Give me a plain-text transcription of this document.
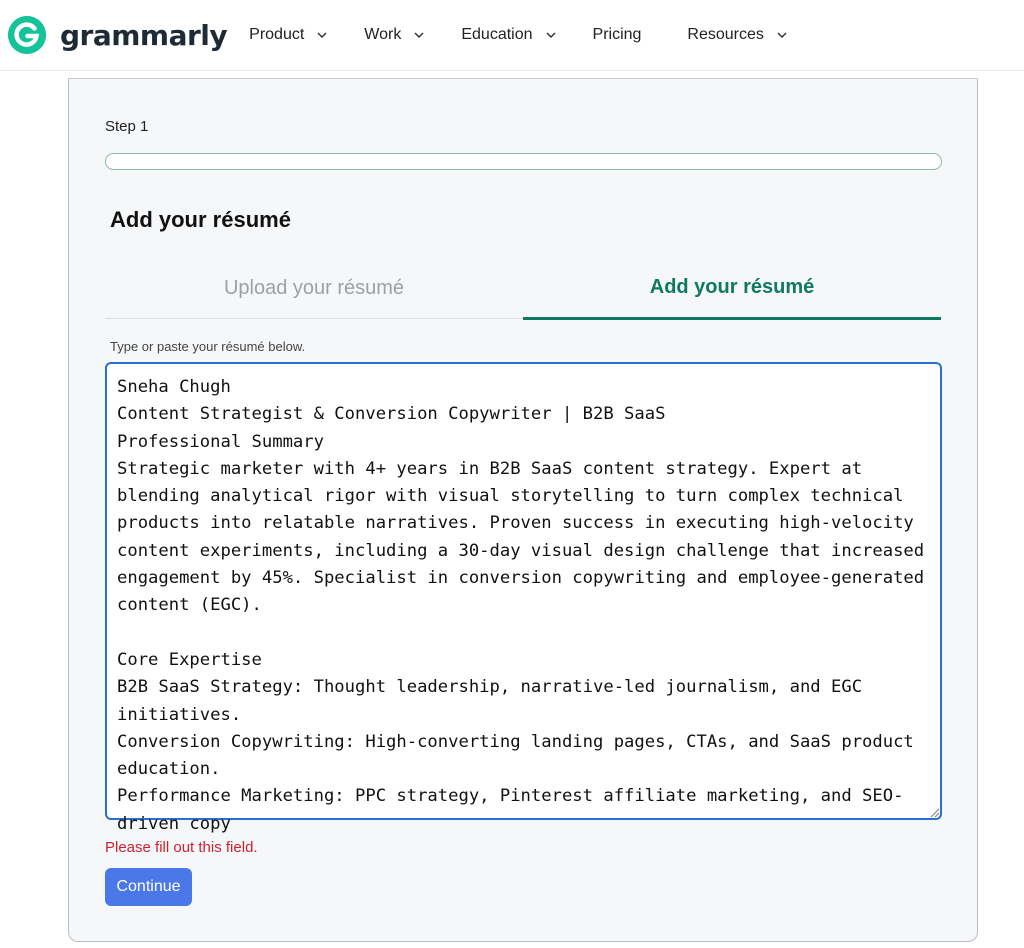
grammarly Product	Work	Education	Pricing	Resources
Step 1
Add your résumé
Upload your résumé	Add your résumé
Type or paste your résumé below.
Sneha Chugh
Content Strategist & Conversion Copywriter | B2B SaaS
Professional Summary
Strategic marketer with 4+ years in B2B SaaS content strategy. Expert at blending analytical rigor with visual storytelling to turn complex technical products into relatable narratives. Proven success in executing high-velocity content experiments, including a 30-day visual design challenge that increased engagement by 45%. Specialist in conversion copywriting and employee-generated content (EGC).

Core Expertise
B2B SaaS Strategy: Thought leadership, narrative-led journalism, and EGC initiatives.
Conversion Copywriting: High-converting landing pages, CTAs, and SaaS product education.
Performance Marketing: PPC strategy, Pinterest affiliate marketing, and SEO-driven copy
Please fill out this field.
Continue
